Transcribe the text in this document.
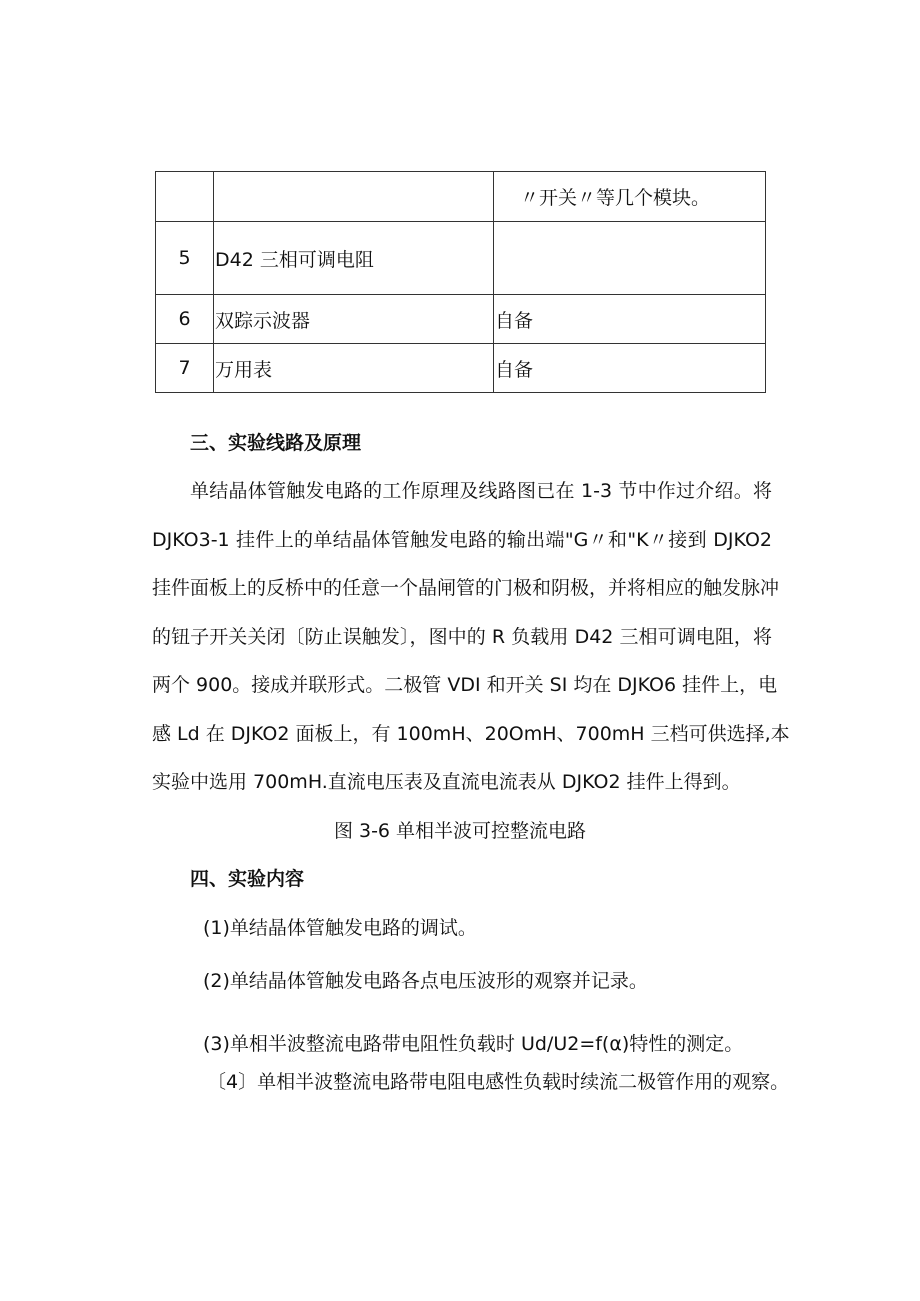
		〃开关〃等几个模块。
5	D42 三相可调电阻	
6	双踪示波器	自备
7	万用表	自备
三、实验线路及原理
单结晶体管触发电路的工作原理及线路图已在 1-3 节中作过介绍。将
DJKO3-1 挂件上的单结晶体管触发电路的输出端"G〃和"K〃接到 DJKO2
挂件面板上的反桥中的任意一个晶闸管的门极和阴极，并将相应的触发脉冲
的钮子开关关闭〔防止误触发〕，图中的 R 负载用 D42 三相可调电阻，将
两个 900。接成并联形式。二极管 VDI 和开关 SI 均在 DJKO6 挂件上，电
感 Ld 在 DJKO2 面板上，有 100mH、20OmH、700mH 三档可供选择,本
实验中选用 700mH.直流电压表及直流电流表从 DJKO2 挂件上得到。
图 3-6 单相半波可控整流电路
四、实验内容
(1)单结晶体管触发电路的调试。
(2)单结晶体管触发电路各点电压波形的观察并记录。
(3)单相半波整流电路带电阻性负载时 Ud/U2=f(α)特性的测定。
〔4〕单相半波整流电路带电阻电感性负载时续流二极管作用的观察。
